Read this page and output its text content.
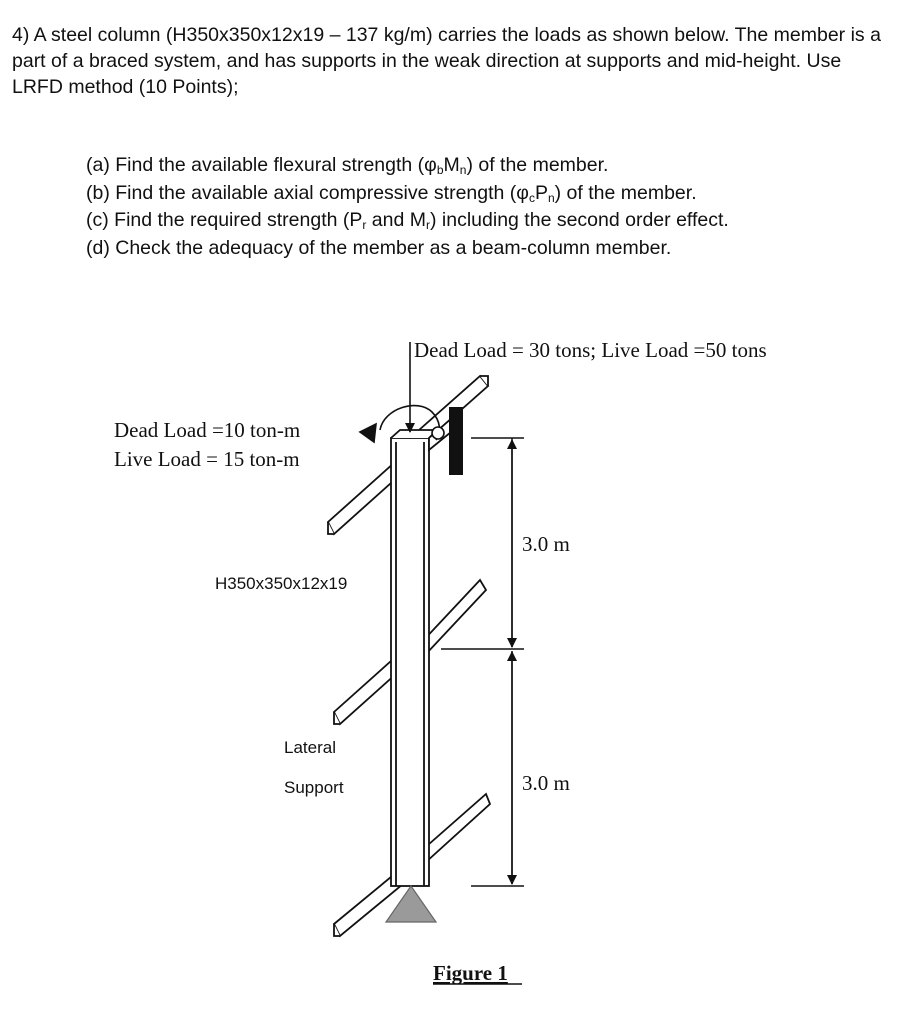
4) A steel column (H350x350x12x19 – 137 kg/m) carries the loads as shown below. The member is a part of a braced system, and has supports in the weak direction at supports and mid-height. Use LRFD method (10 Points);

(a) Find the available flexural strength $(\varphi_bM_n)$ of the member.
(b) Find the available axial compressive strength $(\varphi_cP_n)$ of the member.
(c) Find the required strength ($P_r$ and $M_r$) including the second order effect.
(d) Check the adequacy of the member as a beam-column member.
Dead Load = 30 tons; Live Load =50 tons
Dead Load =10 ton-m
Live Load = 15 ton-m
H350x350x12x19
Lateral
Support
3.0 m
3.0 m
Figure 1
